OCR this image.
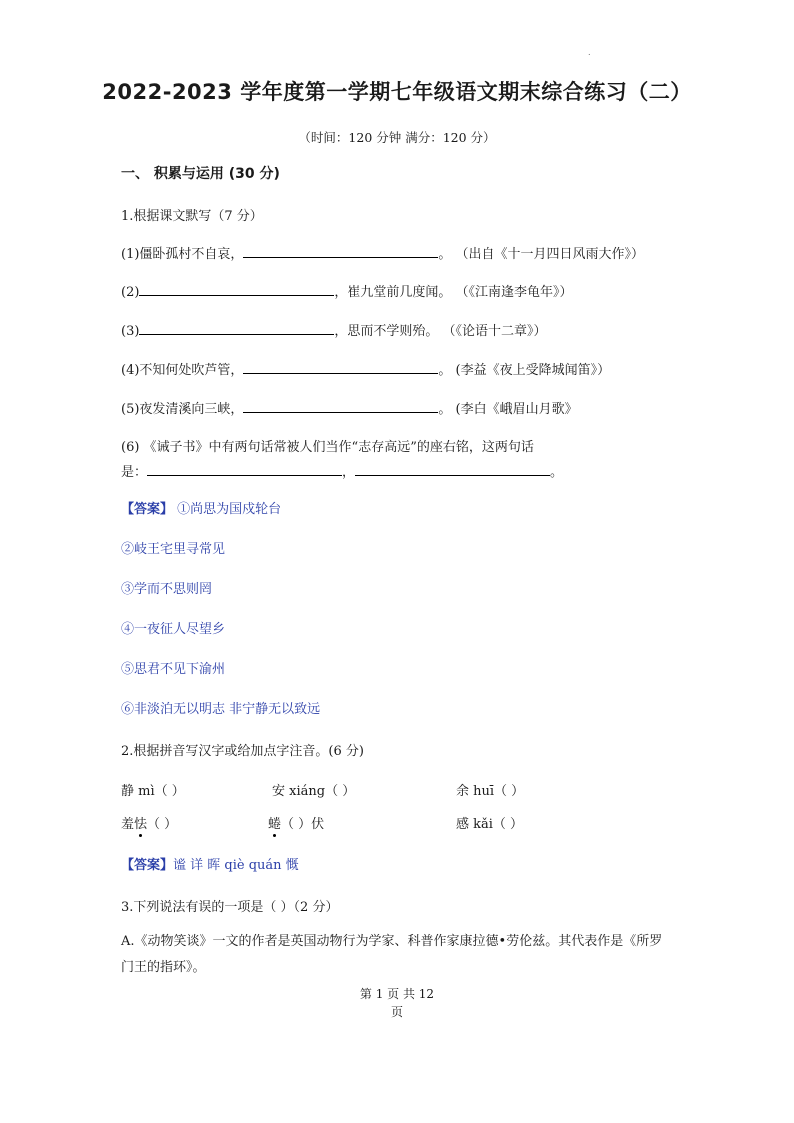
.
2022-2023 学年度第一学期七年级语文期末综合练习（二）
（时间：120 分钟 满分：120 分）
一、 积累与运用 (30 分)
1.根据课文默写（7 分）
(1)僵卧孤村不自哀，	。 （出自《十一月四日风雨大作》）
(2)	，崔九堂前几度闻。 （《江南逢李龟年》）
(3)	，思而不学则殆。 （《论语十二章》）
(4)不知何处吹芦管，	。 (李益《夜上受降城闻笛》）
(5)夜发清溪向三峡，	。 (李白《峨眉山月歌》
(6) 《诫子书》中有两句话常被人们当作“志存高远”的座右铭，这两句话
是：	，	。
【答案】 ①尚思为国戍轮台
②岐王宅里寻常见
③学而不思则罔
④一夜征人尽望乡
⑤思君不见下渝州
⑥非淡泊无以明志 非宁静无以致远
2.根据拼音写汉字或给加点字注音。(6 分)
静 mì（ ）	安 xiáng（ ）	余 huī（ ）
羞怯（ ）	蜷（ ）伏	感 kǎi（ ）
【答案】谧 详 晖 qiè quán 慨
3.下列说法有误的一项是（ ）（2 分）
A.《动物笑谈》一文的作者是英国动物行为学家、科普作家康拉德•劳伦兹。其代表作是《所罗门王的指环》。
第 1 页 共 12
页
